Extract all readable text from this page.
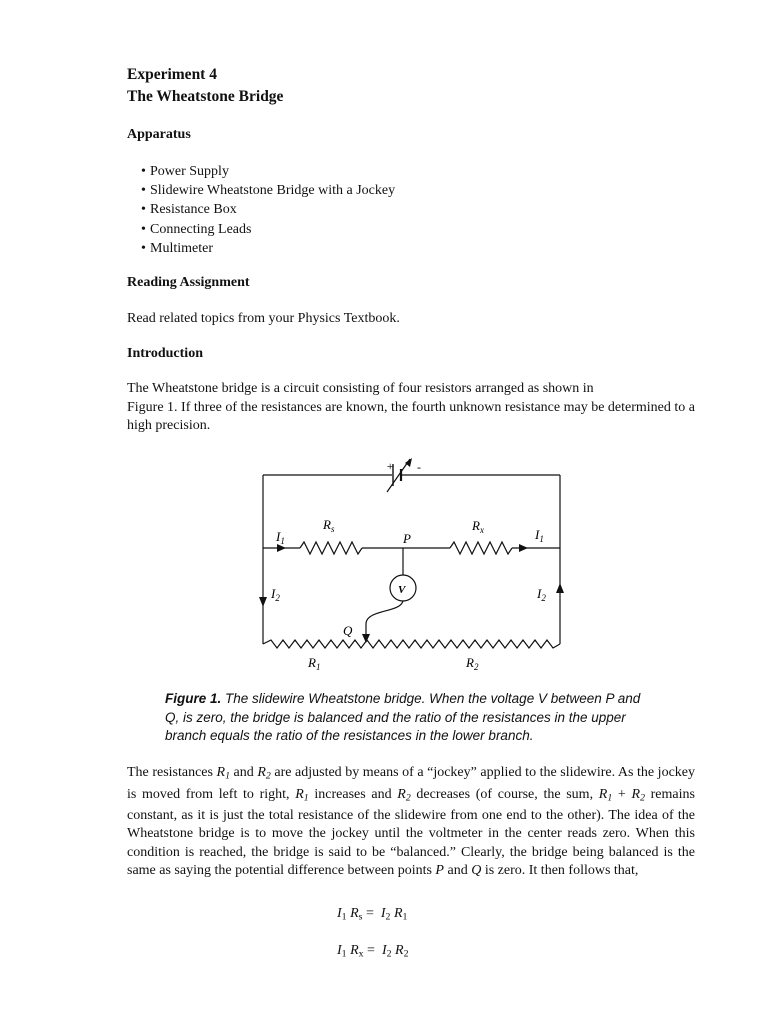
Experiment 4
The Wheatstone Bridge
Apparatus
• Power Supply
• Slidewire Wheatstone Bridge with a Jockey
• Resistance Box
• Connecting Leads
• Multimeter
Reading Assignment
Read related topics from your Physics Textbook.
Introduction
The Wheatstone bridge is a circuit consisting of four resistors arranged as shown in

Figure 1. If three of the resistances are known, the fourth unknown resistance may be determined to a high precision.

+ -
$I_1$
$R_s$
P
$R_x$	$I_1$
V
$I_2$	$I_2$
Q
$R_1$	$R_2$

Figure 1. The slidewire Wheatstone bridge. When the voltage V between P and Q, is zero, the bridge is balanced and the ratio of the resistances in the upper branch equals the ratio of the resistances in the lower branch.

The resistances $R_1$ and $R_2$ are adjusted by means of a “jockey” applied to the slidewire. As the jockey is moved from left to right, $R_1$ increases and $R_2$ decreases (of course, the sum, $R_1 + R_2$ remains constant, as it is just the total resistance of the slidewire from one end to the other). The idea of the Wheatstone bridge is to move the jockey until the voltmeter in the center reads zero. When this condition is reached, the bridge is said to be “balanced.” Clearly, the bridge being balanced is the same as saying the potential difference between points P and Q is zero. It then follows that,

$I_1$ $R_s = I_2$ $R_1$
$I_1$ $R_x = I_2$ $R_2$
